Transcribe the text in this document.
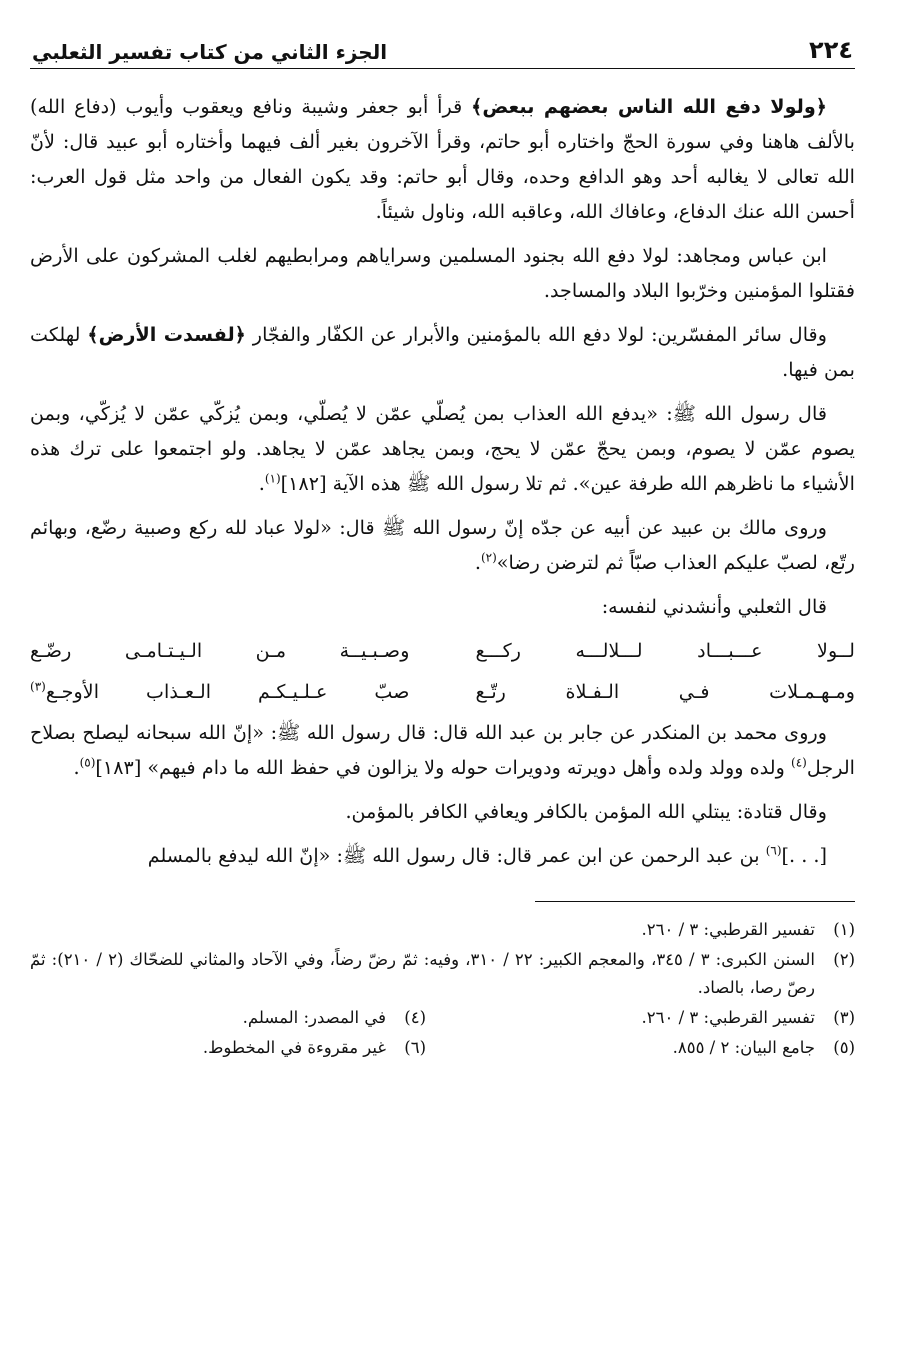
٢٢٤
الجزء الثاني من كتاب تفسير الثعلبي

﴿ولولا دفع الله الناس بعضهم ببعض﴾ قرأ أبو جعفر وشيبة ونافع ويعقوب وأيوب (دفاع الله) بالألف هاهنا وفي سورة الحجّ واختاره أبو حاتم، وقرأ الآخرون بغير ألف فيهما وأختاره أبو عبيد قال: لأنّ الله تعالى لا يغالبه أحد وهو الدافع وحده، وقال أبو حاتم: وقد يكون الفعال من واحد مثل قول العرب: أحسن الله عنك الدفاع، وعافاك الله، وعاقبه الله، وناول شيئاً.

ابن عباس ومجاهد: لولا دفع الله بجنود المسلمين وسراياهم ومرابطيهم لغلب المشركون على الأرض فقتلوا المؤمنين وخرّبوا البلاد والمساجد.

وقال سائر المفسّرين: لولا دفع الله بالمؤمنين والأبرار عن الكفّار والفجّار ﴿لفسدت الأرض﴾ لهلكت بمن فيها.

قال رسول الله ﷺ: «يدفع الله العذاب بمن يُصلّي عمّن لا يُصلّي، وبمن يُزكّي عمّن لا يُزكّي، وبمن يصوم عمّن لا يصوم، وبمن يحجّ عمّن لا يحج، وبمن يجاهد عمّن لا يجاهد. ولو اجتمعوا على ترك هذه الأشياء ما ناظرهم الله طرفة عين». ثم تلا رسول الله ﷺ هذه الآية [١٨٢]$^{(١)}$.

وروى مالك بن عبيد عن أبيه عن جدّه إنّ رسول الله ﷺ قال: «لولا عباد لله ركع وصبية رضّع، وبهائم رتّع، لصبّ عليكم العذاب صبّاً ثم لترضن رضا»$^{(٢)}$.

قال الثعلبي وأنشدني لنفسه:

لــولا عـــبـــاد لـــلالـــه ركـــع
وصـبـيــة مـن الـيـتـامـى رضّـع
ومـهـمـلات فـي الـفـلاة رتّـع
صبّ عـلـيـكـم الـعـذاب الأوجـع$^{(٣)}$

وروى محمد بن المنكدر عن جابر بن عبد الله قال: قال رسول الله ﷺ: «إنّ الله سبحانه ليصلح بصلاح الرجل$^{(٤)}$ ولده وولد ولده وأهل دويرته ودويرات حوله ولا يزالون في حفظ الله ما دام فيهم» [١٨٣]$^{(٥)}$.

وقال قتادة: يبتلي الله المؤمن بالكافر ويعافي الكافر بالمؤمن.

[. . .]$^{(٦)}$ بن عبد الرحمن عن ابن عمر قال: قال رسول الله ﷺ: «إنّ الله ليدفع بالمسلم

(١)
تفسير القرطبي: ٣ / ٢٦٠.
(٢)
السنن الكبرى: ٣ / ٣٤٥، والمعجم الكبير: ٢٢ / ٣١٠، وفيه: ثمّ رضّ رضاً، وفي الآحاد والمثاني للضحّاك (٢ / ٢١٠): ثمّ رصّ رصا، بالصاد.
(٣)
تفسير القرطبي: ٣ / ٢٦٠.
(٤)
في المصدر: المسلم.
(٥)
جامع البيان: ٢ / ٨٥٥.
(٦)
غير مقروءة في المخطوط.
